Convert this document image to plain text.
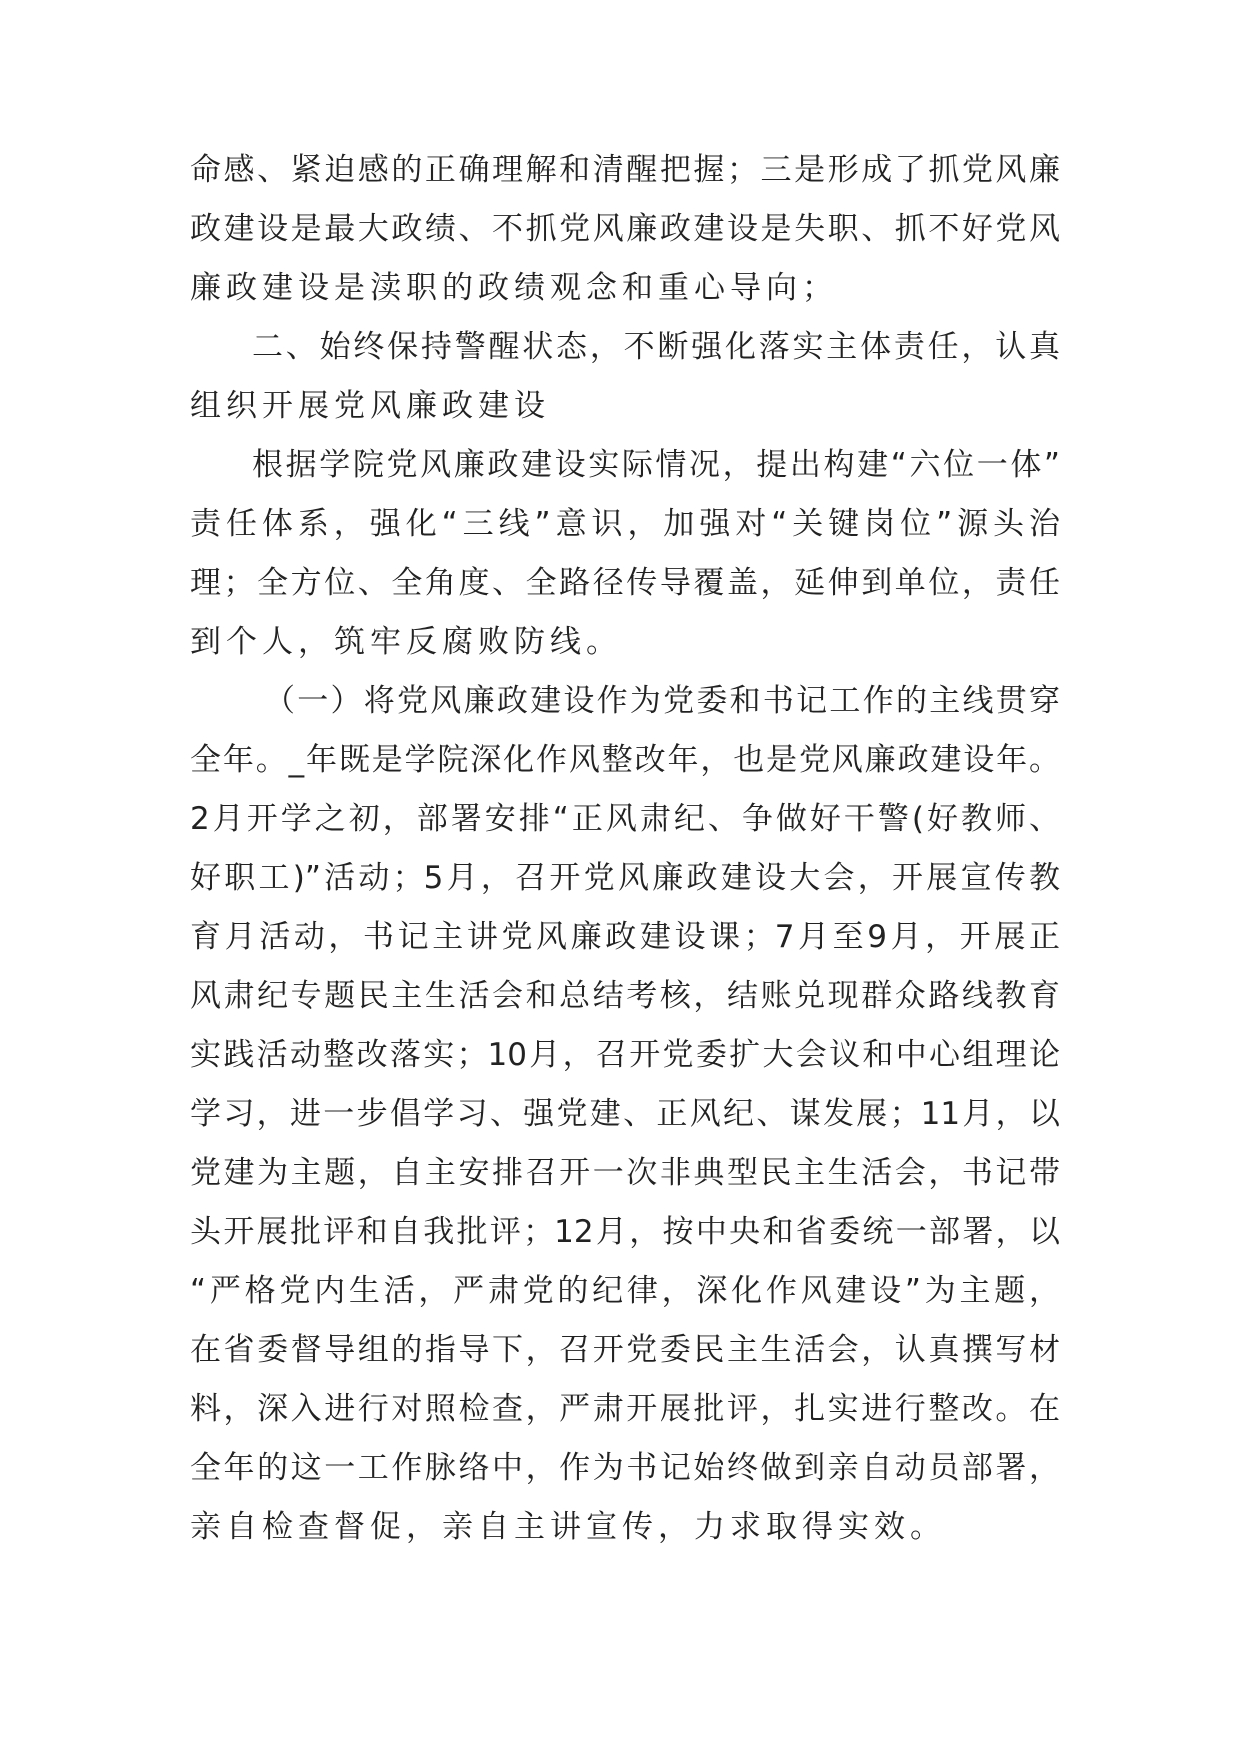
命感、紧迫感的正确理解和清醒把握；三是形成了抓党风廉
政建设是最大政绩、不抓党风廉政建设是失职、抓不好党风
廉政建设是渎职的政绩观念和重心导向；
二、始终保持警醒状态，不断强化落实主体责任，认真
组织开展党风廉政建设
根据学院党风廉政建设实际情况，提出构建“六位一体”
责任体系，强化“三线”意识，加强对“关键岗位”源头治
理；全方位、全角度、全路径传导覆盖，延伸到单位，责任
到个人，筑牢反腐败防线。
（一）将党风廉政建设作为党委和书记工作的主线贯穿
全年。_年既是学院深化作风整改年，也是党风廉政建设年。
2月开学之初，部署安排“正风肃纪、争做好干警(好教师、
好职工)”活动；5月，召开党风廉政建设大会，开展宣传教
育月活动，书记主讲党风廉政建设课；7月至9月，开展正
风肃纪专题民主生活会和总结考核，结账兑现群众路线教育
实践活动整改落实；10月，召开党委扩大会议和中心组理论
学习，进一步倡学习、强党建、正风纪、谋发展；11月，以
党建为主题，自主安排召开一次非典型民主生活会，书记带
头开展批评和自我批评；12月，按中央和省委统一部署，以
“严格党内生活，严肃党的纪律，深化作风建设”为主题，
在省委督导组的指导下，召开党委民主生活会，认真撰写材
料，深入进行对照检查，严肃开展批评，扎实进行整改。在
全年的这一工作脉络中，作为书记始终做到亲自动员部署，
亲自检查督促，亲自主讲宣传，力求取得实效。
